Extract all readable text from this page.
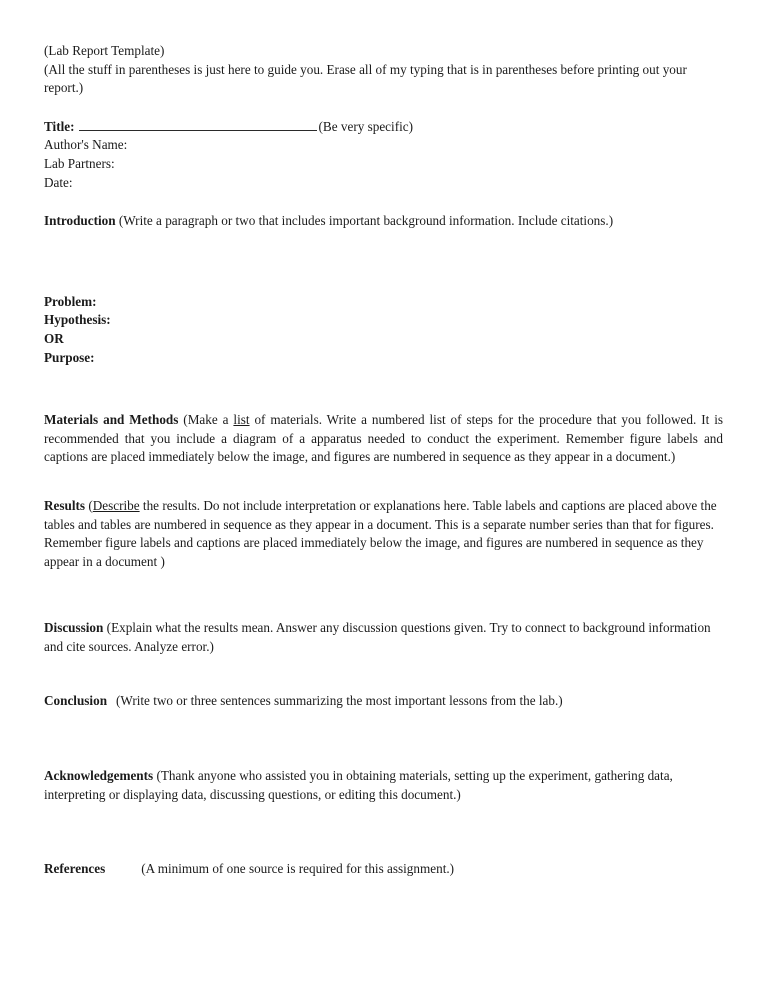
(Lab Report Template)

(All the stuff in parentheses is just here to guide you. Erase all of my typing that is in parentheses before printing out your report.)

Title:	(Be very specific)

Author's Name:

Lab Partners:

Date:

Introduction (Write a paragraph or two that includes important background information. Include citations.)

Problem:

Hypothesis:

OR

Purpose:

Materials and Methods (Make a list of materials. Write a numbered list of steps for the procedure that you followed. It is recommended that you include a diagram of a apparatus needed to conduct the experiment. Remember figure labels and captions are placed immediately below the image, and figures are numbered in sequence as they appear in a document.)

Results (Describe the results. Do not include interpretation or explanations here. Table labels and captions are placed above the tables and tables are numbered in sequence as they appear in a document. This is a separate number series than that for figures. Remember figure labels and captions are placed immediately below the image, and figures are numbered in sequence as they appear in a document )

Discussion (Explain what the results mean. Answer any discussion questions given. Try to connect to background information and cite sources. Analyze error.)

Conclusion (Write two or three sentences summarizing the most important lessons from the lab.)

Acknowledgements (Thank anyone who assisted you in obtaining materials, setting up the experiment, gathering data, interpreting or displaying data, discussing questions, or editing this document.)

References	(A minimum of one source is required for this assignment.)
